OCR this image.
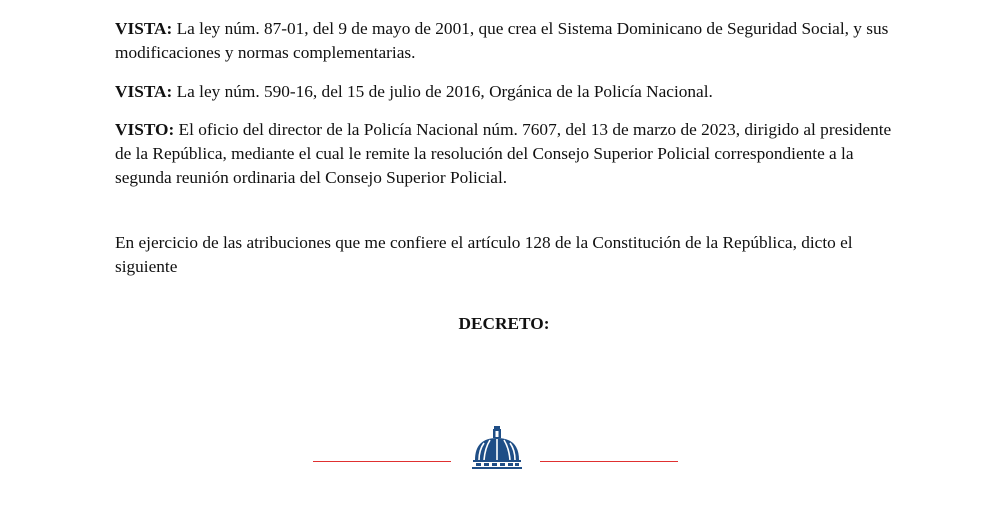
VISTA: La ley núm. 87-01, del 9 de mayo de 2001, que crea el Sistema Dominicano de Seguridad Social, y sus modificaciones y normas complementarias.
VISTA: La ley núm. 590-16, del 15 de julio de 2016, Orgánica de la Policía Nacional.
VISTO: El oficio del director de la Policía Nacional núm. 7607, del 13 de marzo de 2023, dirigido al presidente de la República, mediante el cual le remite la resolución del Consejo Superior Policial correspondiente a la segunda reunión ordinaria del Consejo Superior Policial.
En ejercicio de las atribuciones que me confiere el artículo 128 de la Constitución de la República, dicto el siguiente
DECRETO:
